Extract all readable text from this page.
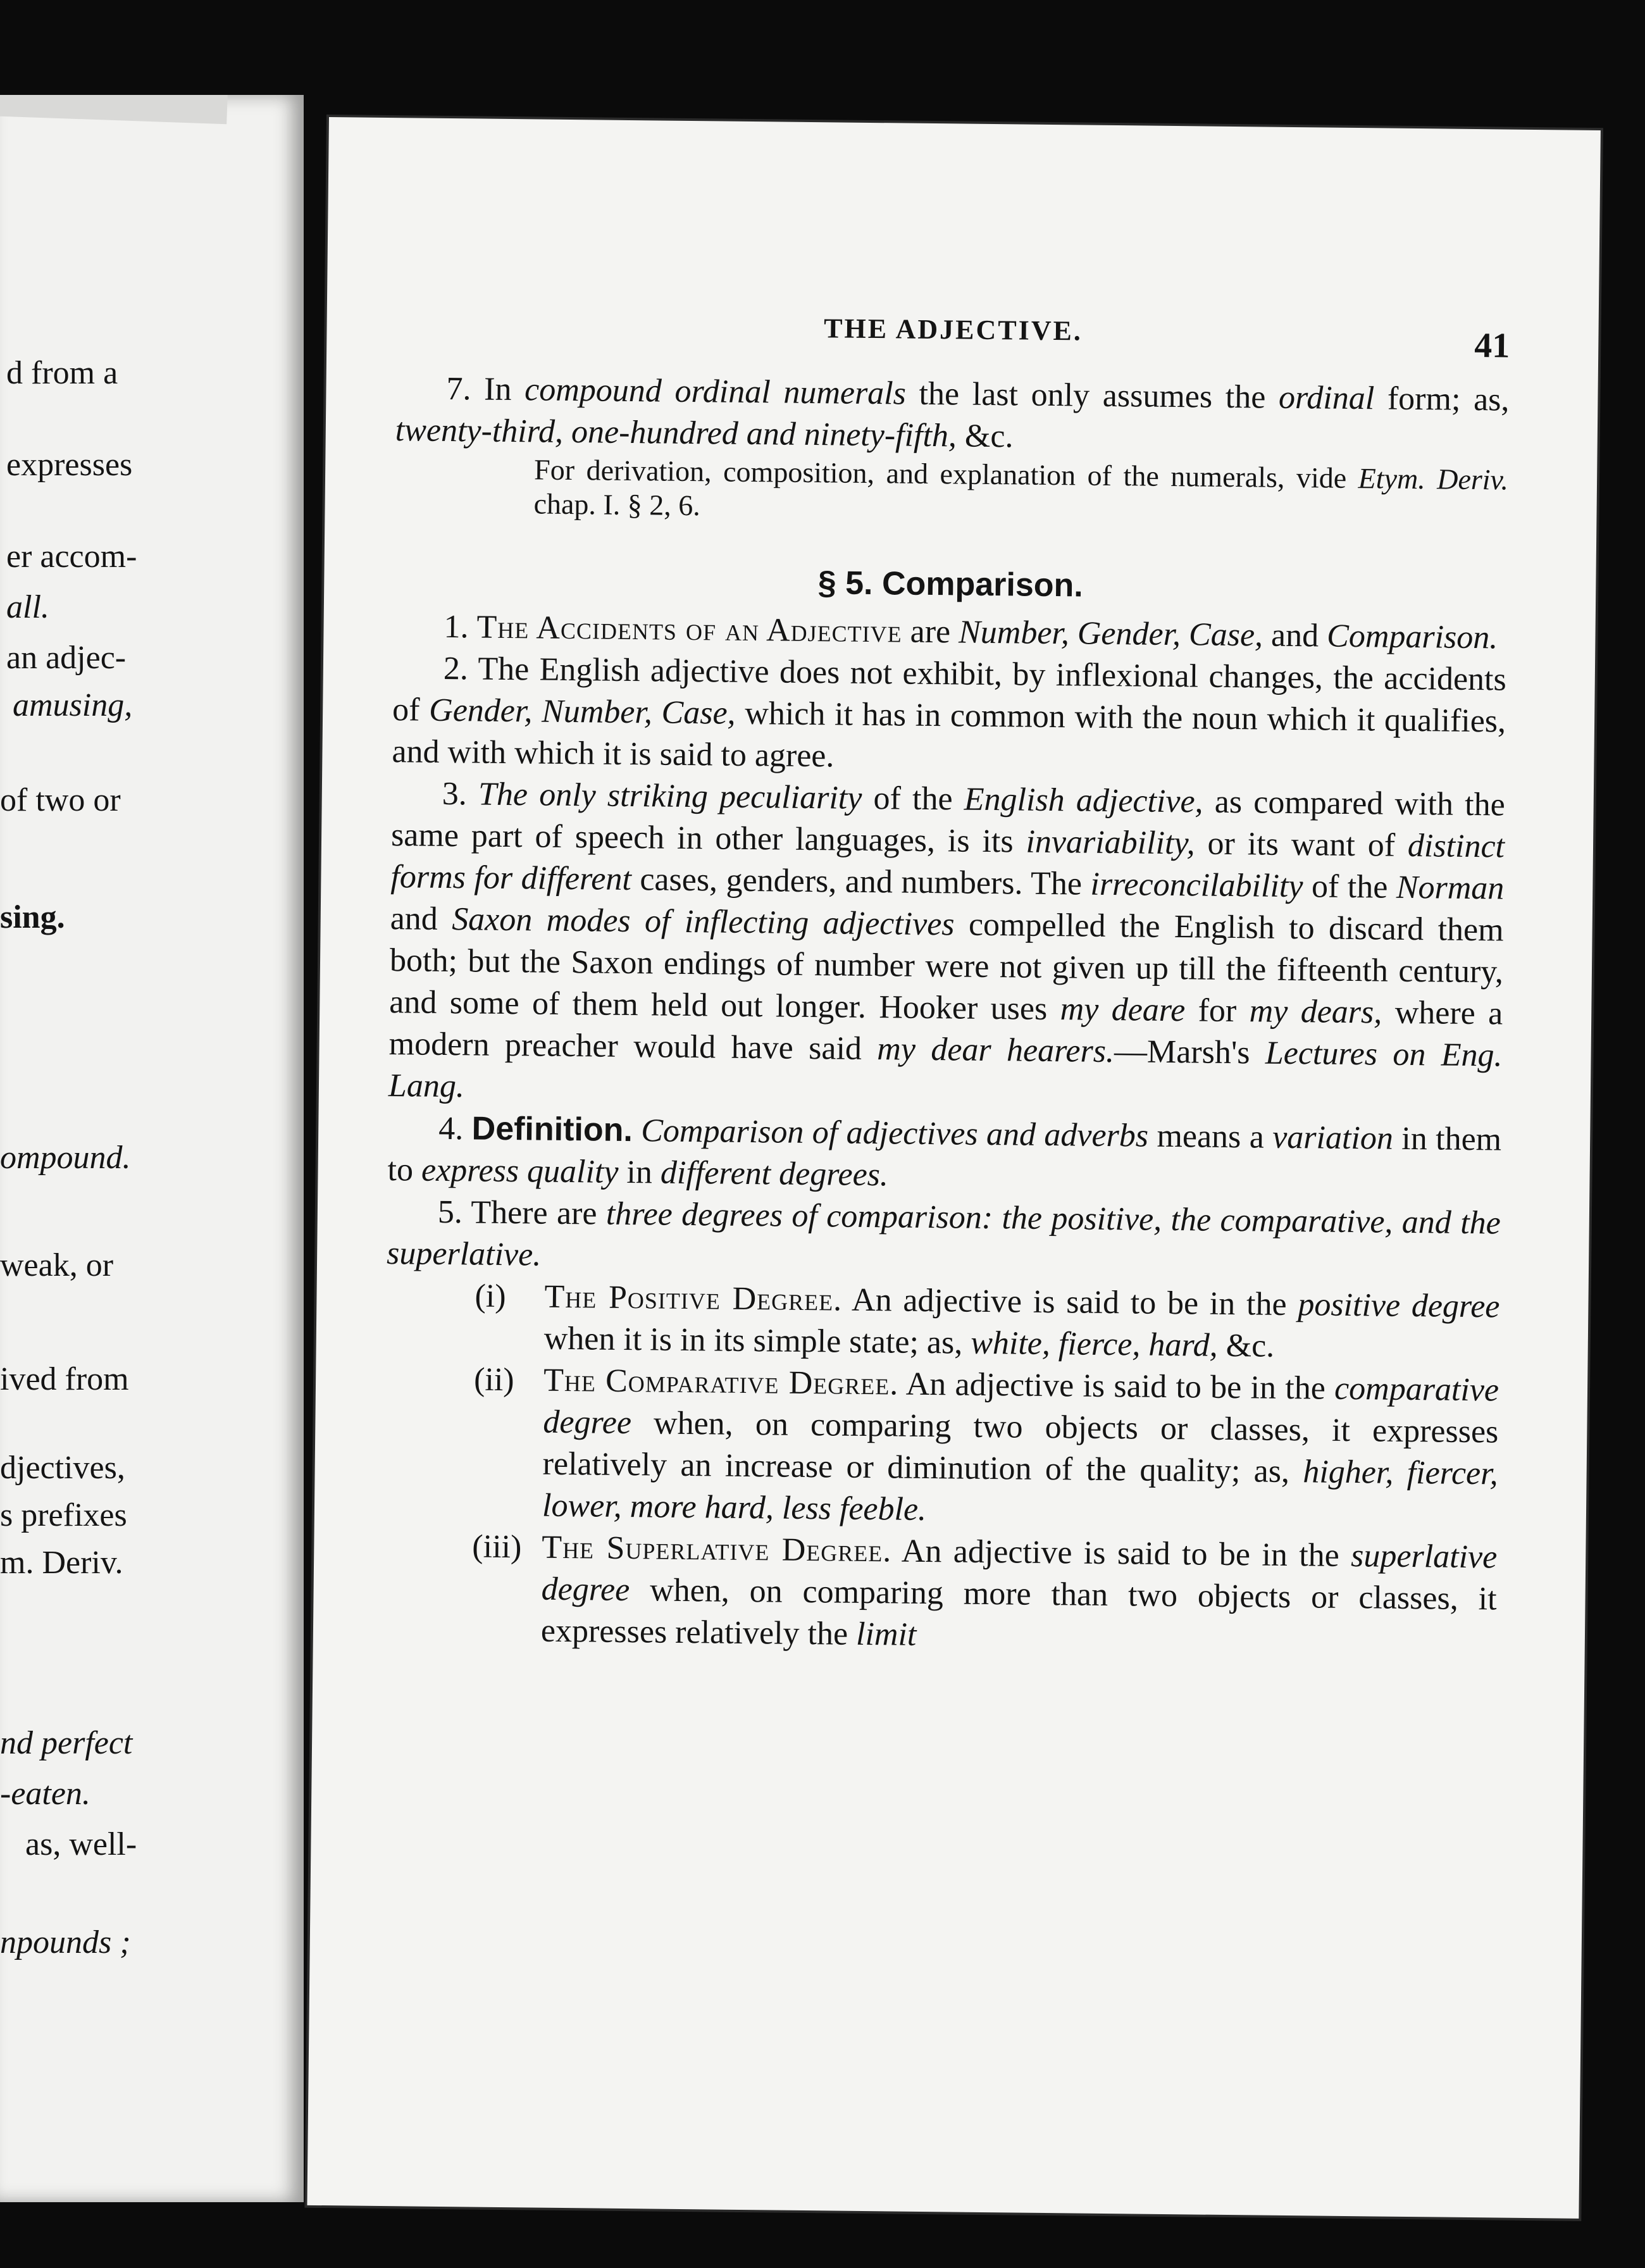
d from a
expresses
er accom-
all.
an adjec-
amusing,
of two or
sing.
ompound.
weak, or
ived from
djectives,
s prefixes
m. Deriv.
nd perfect
-eaten.
as, well-
npounds ;
THE ADJECTIVE.	41

7. In compound ordinal numerals the last only assumes the ordinal form; as, twenty-third, one-hundred and ninety-fifth, &c.

For derivation, composition, and explanation of the numerals, vide Etym. Deriv. chap. I. § 2, 6.

§ 5. Comparison.

1. The Accidents of an Adjective are Number, Gender, Case, and Comparison.

2. The English adjective does not exhibit, by inflexional changes, the accidents of Gender, Number, Case, which it has in common with the noun which it qualifies, and with which it is said to agree.

3. The only striking peculiarity of the English adjective, as compared with the same part of speech in other languages, is its invariability, or its want of distinct forms for different cases, genders, and numbers. The irreconcilability of the Norman and Saxon modes of inflecting adjectives compelled the English to discard them both; but the Saxon endings of number were not given up till the fifteenth century, and some of them held out longer. Hooker uses my deare for my dears, where a modern preacher would have said my dear hearers.—Marsh's Lectures on Eng. Lang.

4. Definition. Comparison of adjectives and adverbs means a variation in them to express quality in different degrees.

5. There are three degrees of comparison: the positive, the comparative, and the superlative.

(i) The Positive Degree. An adjective is said to be in the positive degree when it is in its simple state; as, white, fierce, hard, &c.

(ii) The Comparative Degree. An adjective is said to be in the comparative degree when, on comparing two objects or classes, it expresses relatively an increase or diminution of the quality; as, higher, fiercer, lower, more hard, less feeble.

(iii) The Superlative Degree. An adjective is said to be in the superlative degree when, on comparing more than two objects or classes, it expresses relatively the limit
